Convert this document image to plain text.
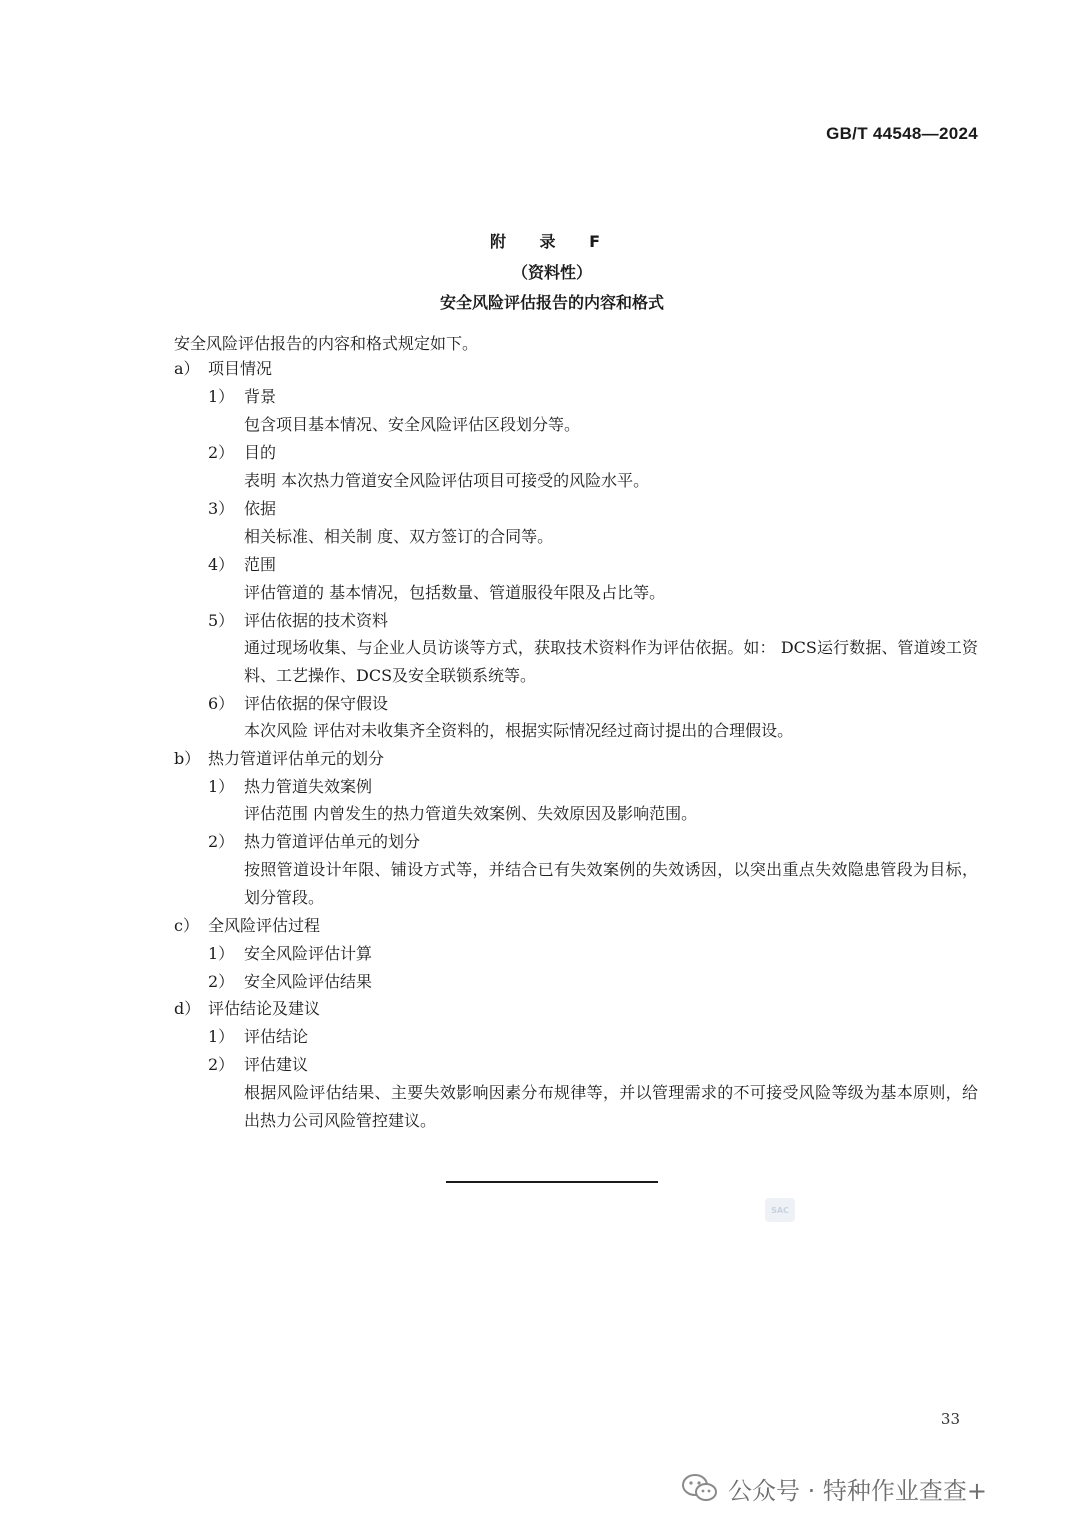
GB/T 44548—2024
附 录 F
（资料性）
安全风险评估报告的内容和格式
安全风险评估报告的内容和格式规定如下。
a） 项目情况
1） 背景
包含项目基本情况、安全风险评估区段划分等。
2） 目的
表明 本次热力管道安全风险评估项目可接受的风险水平。
3） 依据
相关标准、相关制 度、双方签订的合同等。
4） 范围
评估管道的 基本情况，包括数量、管道服役年限及占比等。
5） 评估依据的技术资料
通过现场收集、与企业人员访谈等方式，获取技术资料作为评估依据。如： DCS运行数据、管道竣工资料、工艺操作、DCS及安全联锁系统等。
6） 评估依据的保守假设
本次风险 评估对未收集齐全资料的，根据实际情况经过商讨提出的合理假设。
b） 热力管道评估单元的划分
1） 热力管道失效案例
评估范围 内曾发生的热力管道失效案例、失效原因及影响范围。
2） 热力管道评估单元的划分
按照管道设计年限、铺设方式等，并结合已有失效案例的失效诱因，以突出重点失效隐患管段为目标，划分管段。
c） 全风险评估过程
1） 安全风险评估计算
2） 安全风险评估结果
d） 评估结论及建议
1） 评估结论
2） 评估建议
根据风险评估结果、主要失效影响因素分布规律等，并以管理需求的不可接受风险等级为基本原则，给出热力公司风险管控建议。
SAC
33
公众号 · 特种作业查查+
